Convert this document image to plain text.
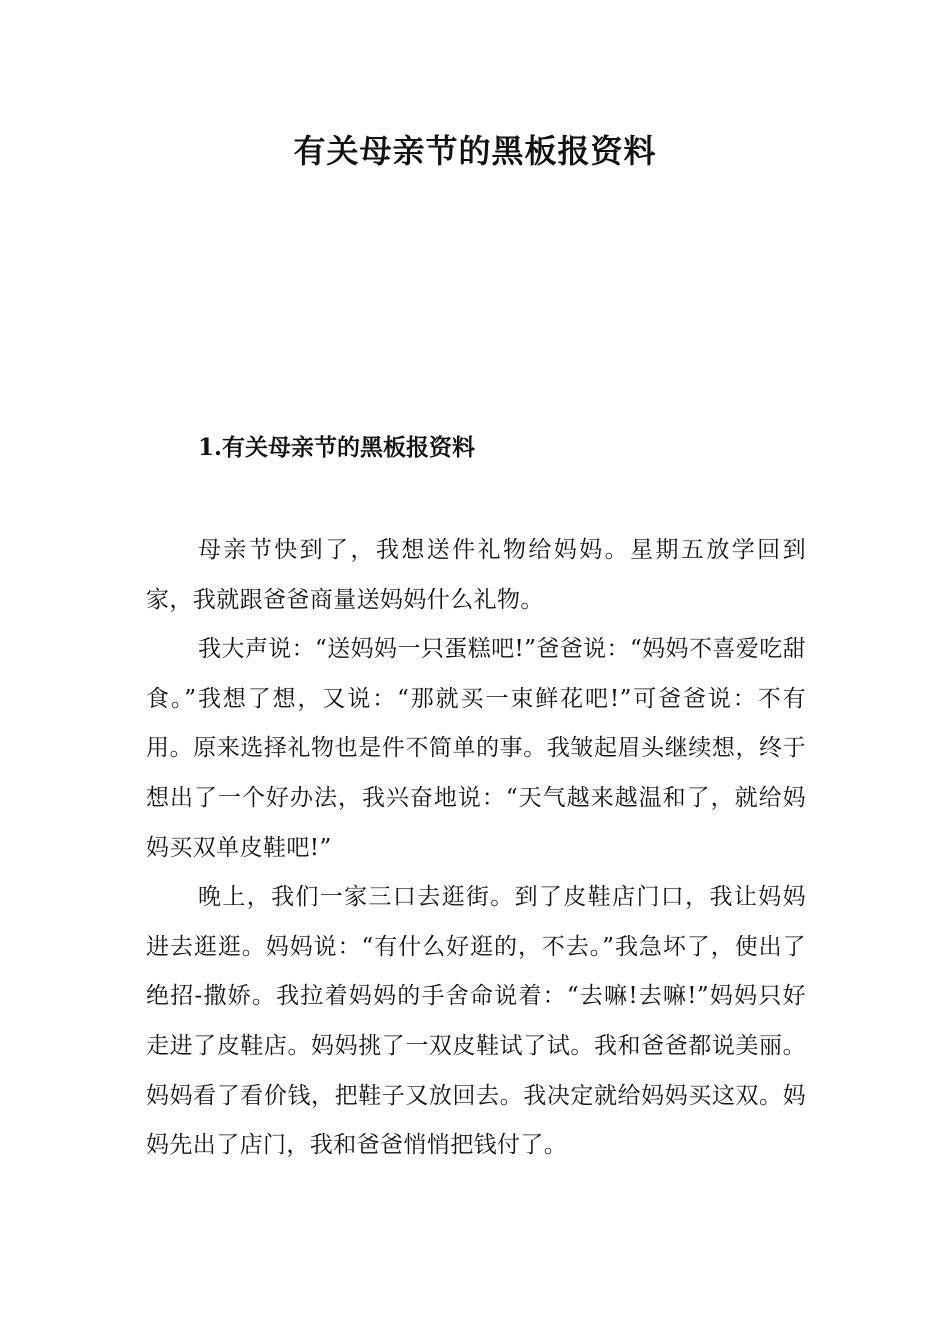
有关母亲节的黑板报资料
1.有关母亲节的黑板报资料

母亲节快到了，我想送件礼物给妈妈。星期五放学回到家，我就跟爸爸商量送妈妈什么礼物。

我大声说：“送妈妈一只蛋糕吧!”爸爸说：“妈妈不喜爱吃甜食。”我想了想，又说：“那就买一束鲜花吧!”可爸爸说：不有用。原来选择礼物也是件不简单的事。我皱起眉头继续想，终于想出了一个好办法，我兴奋地说：“天气越来越温和了，就给妈妈买双单皮鞋吧!”

晚上，我们一家三口去逛街。到了皮鞋店门口，我让妈妈进去逛逛。妈妈说：“有什么好逛的，不去。”我急坏了，使出了绝招-撒娇。我拉着妈妈的手舍命说着：“去嘛!去嘛!”妈妈只好走进了皮鞋店。妈妈挑了一双皮鞋试了试。我和爸爸都说美丽。妈妈看了看价钱，把鞋子又放回去。我决定就给妈妈买这双。妈妈先出了店门，我和爸爸悄悄把钱付了。
